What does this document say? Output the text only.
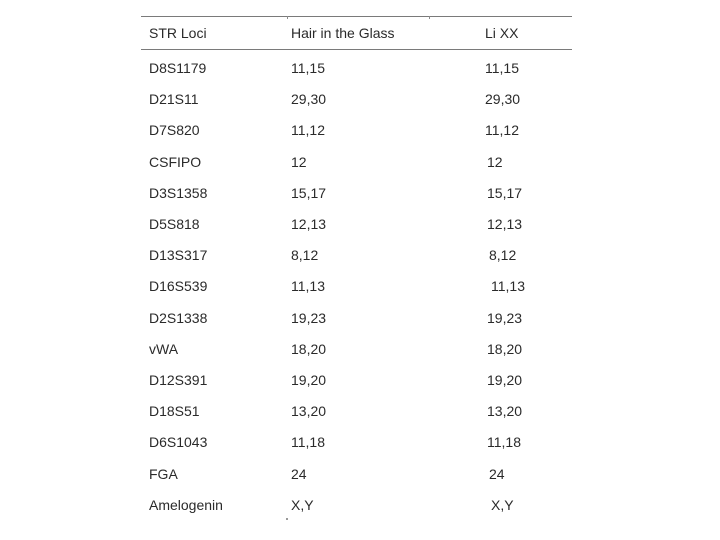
STR Loci	Hair in the Glass	Li XX
D8S1179	11,15	11,15
D21S11	29,30	29,30
D7S820	11,12	11,12
CSFIPO	12	12
D3S1358	15,17	15,17
D5S818	12,13	12,13
D13S317	8,12	8,12
D16S539	11,13	11,13
D2S1338	19,23	19,23
vWA	18,20	18,20
D12S391	19,20	19,20
D18S51	13,20	13,20
D6S1043	11,18	11,18
FGA	24	24
Amelogenin	X,Y	X,Y
